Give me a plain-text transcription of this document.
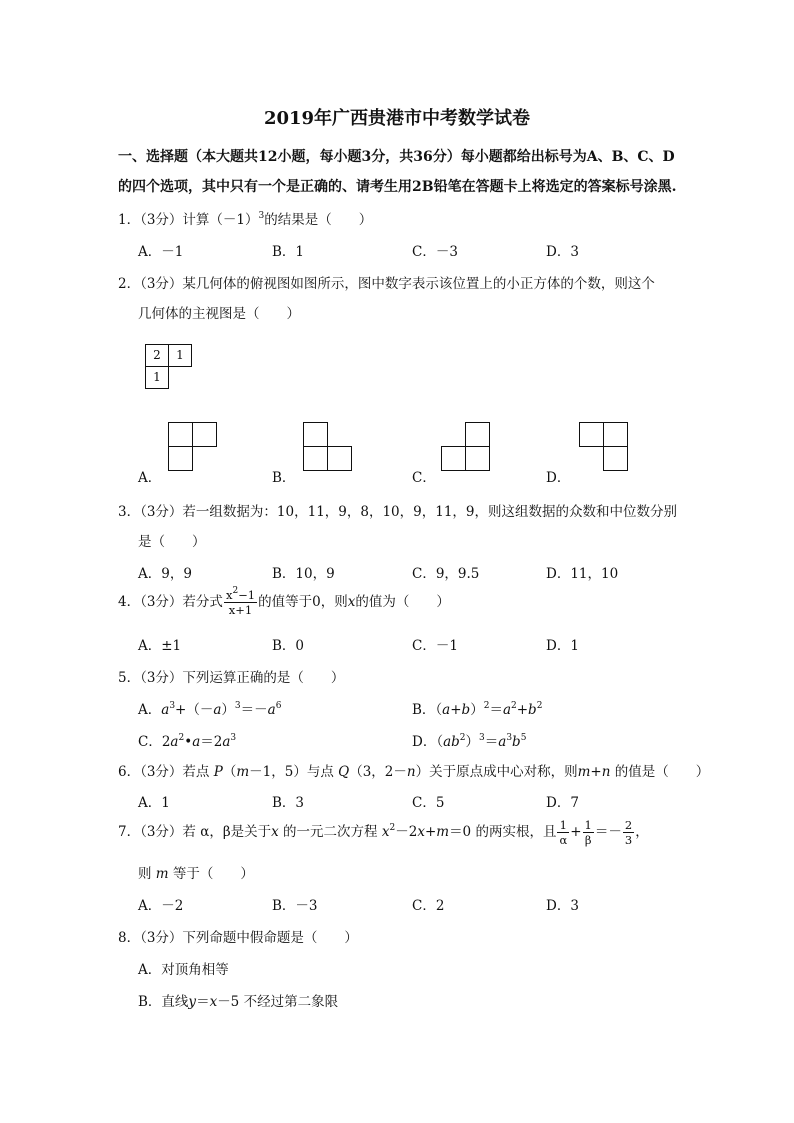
2019年广西贵港市中考数学试卷
一、选择题（本大题共12小题，每小题3分，共36分）每小题都给出标号为A、B、C、D
的四个选项，其中只有一个是正确的、请考生用2B铅笔在答题卡上将选定的答案标号涂黑.
1．（3分）计算$(-1)^3$的结果是（　　）
A．－1	B．1	C．－3	D．3
2．（3分）某几何体的俯视图如图所示，图中数字表示该位置上的小正方体的个数，则这个
几何体的主视图是（　　）
2	1
1
A．	B．	C．	D．
3．（3分）若一组数据为：10，11，9，8，10，9，11，9，则这组数据的众数和中位数分别
是（　　）
A．9，9	B．10，9	C．9，9.5	D．11，10
4．（3分）若分式 $\frac{x^2-1}{x+1}$ 的值等于0，则x的值为（　　）
A．±1	B．0	C．－1	D．1
5．（3分）下列运算正确的是（　　）
A．$a^3+(-a)^3=-a^6$	B．$(a+b)^2=a^2+b^2$
C．$2a^2•a=2a^3$	D．$(ab^2)^3=a^3b^5$
6．（3分）若点 P（m－1，5）与点 Q（3，2－n）关于原点成中心对称，则m+n 的值是（　　）
A．1	B．3	C．5	D．7
7．（3分）若 α，β是关于x 的一元二次方程 $x^2-2x+m=0$ 的两实根，且 $\frac{1}{\alpha} + \frac{1}{\beta} =- \frac{2}{3}$ ，
则 m 等于（　　）
A．－2	B．－3	C．2	D．3
8．（3分）下列命题中假命题是（　　）
A．对顶角相等
B．直线y＝x－5 不经过第二象限
